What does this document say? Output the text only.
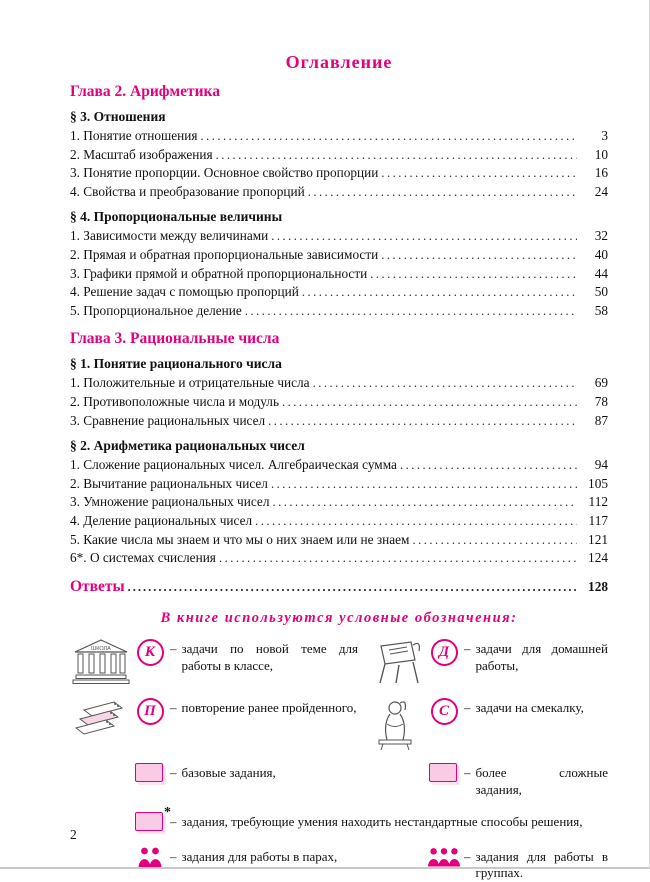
Оглавление
Глава 2. Арифметика
§ 3. Отношения
1. Понятие отношения .....	3
2. Масштаб изображения .....	10
3. Понятие пропорции. Основное свойство пропорции .....	16
4. Свойства и преобразование пропорций .....	24
§ 4. Пропорциональные величины
1. Зависимости между величинами .....	32
2. Прямая и обратная пропорциональные зависимости .....	40
3. Графики прямой и обратной пропорциональности .....	44
4. Решение задач с помощью пропорций .....	50
5. Пропорциональное деление .....	58
Глава 3. Рациональные числа
§ 1. Понятие рационального числа
1. Положительные и отрицательные числа .....	69
2. Противоположные числа и модуль .....	78
3. Сравнение рациональных чисел .....	87
§ 2. Арифметика рациональных чисел
1. Сложение рациональных чисел. Алгебраическая сумма .....	94
2. Вычитание рациональных чисел .....	105
3. Умножение рациональных чисел .....	112
4. Деление рациональных чисел .....	117
5. Какие числа мы знаем и что мы о них знаем или не знаем .....	121
6*. О системах счисления .....	124
Ответы .....	128
В книге используются условные обозначения:
ШКОЛА	К	– задачи по новой теме для работы в классе,
Д	– задачи для домашней работы,
П	– повторение ранее пройденного,	С	– задачи на смекалку,
– базовые задания,	– более сложные задания,
*
– задания, требующие умения находить нестандартные способы решения,
– задания для работы в парах,	– задания для работы в группах.
2
